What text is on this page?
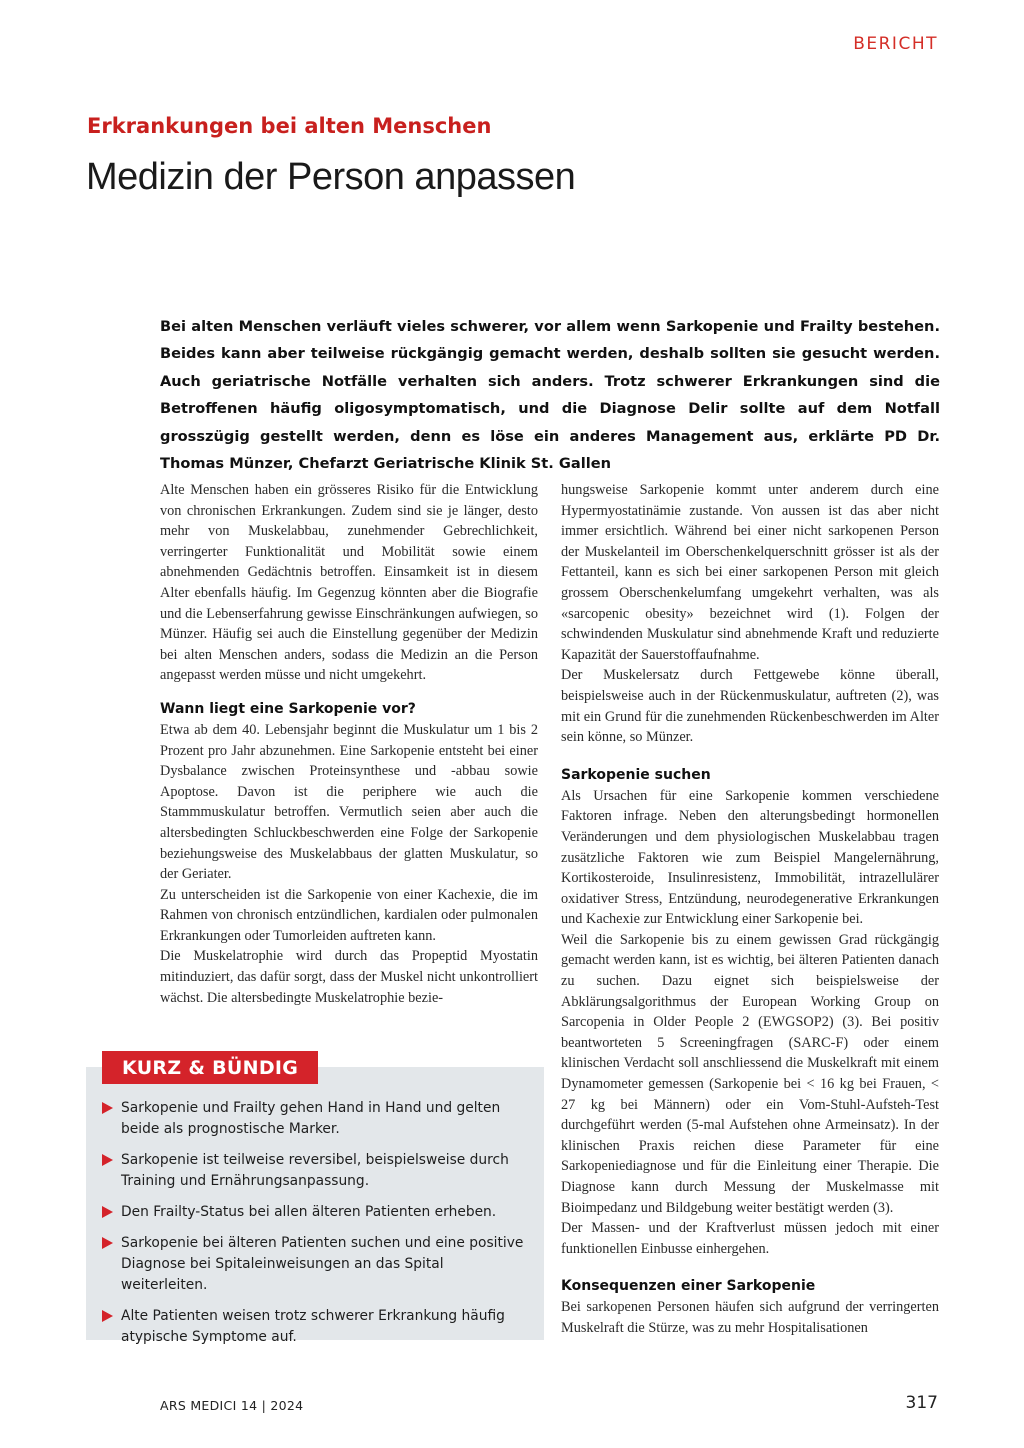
BERICHT
Erkrankungen bei alten Menschen
Medizin der Person anpassen

Bei alten Menschen verläuft vieles schwerer, vor allem wenn Sarkopenie und Frailty bestehen. Beides kann aber teilweise rückgängig gemacht werden, deshalb sollten sie gesucht werden. Auch geriatrische Notfälle verhalten sich anders. Trotz schwerer Erkrankungen sind die Betroffenen häufig oligosymptomatisch, und die Diagnose Delir sollte auf dem Notfall grosszügig gestellt werden, denn es löse ein anderes Management aus, erklärte PD Dr. Thomas Münzer, Chefarzt Geriatrische Klinik St. Gallen

Alte Menschen haben ein grösseres Risiko für die Entwicklung von chronischen Erkrankungen. Zudem sind sie je länger, desto mehr von Muskelabbau, zunehmender Gebrechlichkeit, verringerter Funktionalität und Mobilität sowie einem abnehmenden Gedächtnis betroffen. Einsamkeit ist in diesem Alter ebenfalls häufig. Im Gegenzug könnten aber die Biografie und die Lebenserfahrung gewisse Einschränkungen aufwiegen, so Münzer. Häufig sei auch die Einstellung gegenüber der Medizin bei alten Menschen anders, sodass die Medizin an die Person angepasst werden müsse und nicht umgekehrt.

Wann liegt eine Sarkopenie vor?

Etwa ab dem 40. Lebensjahr beginnt die Muskulatur um 1 bis 2 Prozent pro Jahr abzunehmen. Eine Sarkopenie entsteht bei einer Dysbalance zwischen Proteinsynthese und -abbau sowie Apoptose. Davon ist die periphere wie auch die Stammmuskulatur betroffen. Vermutlich seien aber auch die altersbedingten Schluckbeschwerden eine Folge der Sarkopenie beziehungsweise des Muskelabbaus der glatten Muskulatur, so der Geriater.

Zu unterscheiden ist die Sarkopenie von einer Kachexie, die im Rahmen von chronisch entzündlichen, kardialen oder pulmonalen Erkrankungen oder Tumorleiden auftreten kann.

Die Muskelatrophie wird durch das Propeptid Myostatin mitinduziert, das dafür sorgt, dass der Muskel nicht unkontrolliert wächst. Die altersbedingte Muskelatrophie bezie-

hungsweise Sarkopenie kommt unter anderem durch eine Hypermyostatinämie zustande. Von aussen ist das aber nicht immer ersichtlich. Während bei einer nicht sarkopenen Person der Muskelanteil im Oberschenkelquerschnitt grösser ist als der Fettanteil, kann es sich bei einer sarkopenen Person mit gleich grossem Oberschenkelumfang umgekehrt verhalten, was als «sarcopenic obesity» bezeichnet wird (1). Folgen der schwindenden Muskulatur sind abnehmende Kraft und reduzierte Kapazität der Sauerstoffaufnahme.

Der Muskelersatz durch Fettgewebe könne überall, beispielsweise auch in der Rückenmuskulatur, auftreten (2), was mit ein Grund für die zunehmenden Rückenbeschwerden im Alter sein könne, so Münzer.

Sarkopenie suchen

Als Ursachen für eine Sarkopenie kommen verschiedene Faktoren infrage. Neben den alterungsbedingt hormonellen Veränderungen und dem physiologischen Muskelabbau tragen zusätzliche Faktoren wie zum Beispiel Mangelernährung, Kortikosteroide, Insulinresistenz, Immobilität, intrazellulärer oxidativer Stress, Entzündung, neurodegenerative Erkrankungen und Kachexie zur Entwicklung einer Sarkopenie bei.

Weil die Sarkopenie bis zu einem gewissen Grad rückgängig gemacht werden kann, ist es wichtig, bei älteren Patienten danach zu suchen. Dazu eignet sich beispielsweise der Abklärungsalgorithmus der European Working Group on Sarcopenia in Older People 2 (EWGSOP2) (3). Bei positiv beantworteten 5 Screeningfragen (SARC-F) oder einem klinischen Verdacht soll anschliessend die Muskelkraft mit einem Dynamometer gemessen (Sarkopenie bei < 16 kg bei Frauen, < 27 kg bei Männern) oder ein Vom-Stuhl-Aufsteh-Test durchgeführt werden (5-mal Aufstehen ohne Armeinsatz). In der klinischen Praxis reichen diese Parameter für eine Sarkopeniediagnose und für die Einleitung einer Therapie. Die Diagnose kann durch Messung der Muskelmasse mit Bioimpedanz und Bildgebung weiter bestätigt werden (3).

Der Massen- und der Kraftverlust müssen jedoch mit einer funktionellen Einbusse einhergehen.

Konsequenzen einer Sarkopenie

Bei sarkopenen Personen häufen sich aufgrund der verringerten Muskelraft die Stürze, was zu mehr Hospitalisationen

KURZ & BÜNDIG
Sarkopenie und Frailty gehen Hand in Hand und gelten beide als prognostische Marker.
Sarkopenie ist teilweise reversibel, beispielsweise durch Training und Ernährungsanpassung.
Den Frailty-Status bei allen älteren Patienten erheben.
Sarkopenie bei älteren Patienten suchen und eine positive Diagnose bei Spitaleinweisungen an das Spital weiterleiten.
Alte Patienten weisen trotz schwerer Erkrankung häufig atypische Symptome auf.
ARS MEDICI 14 | 2024	317
